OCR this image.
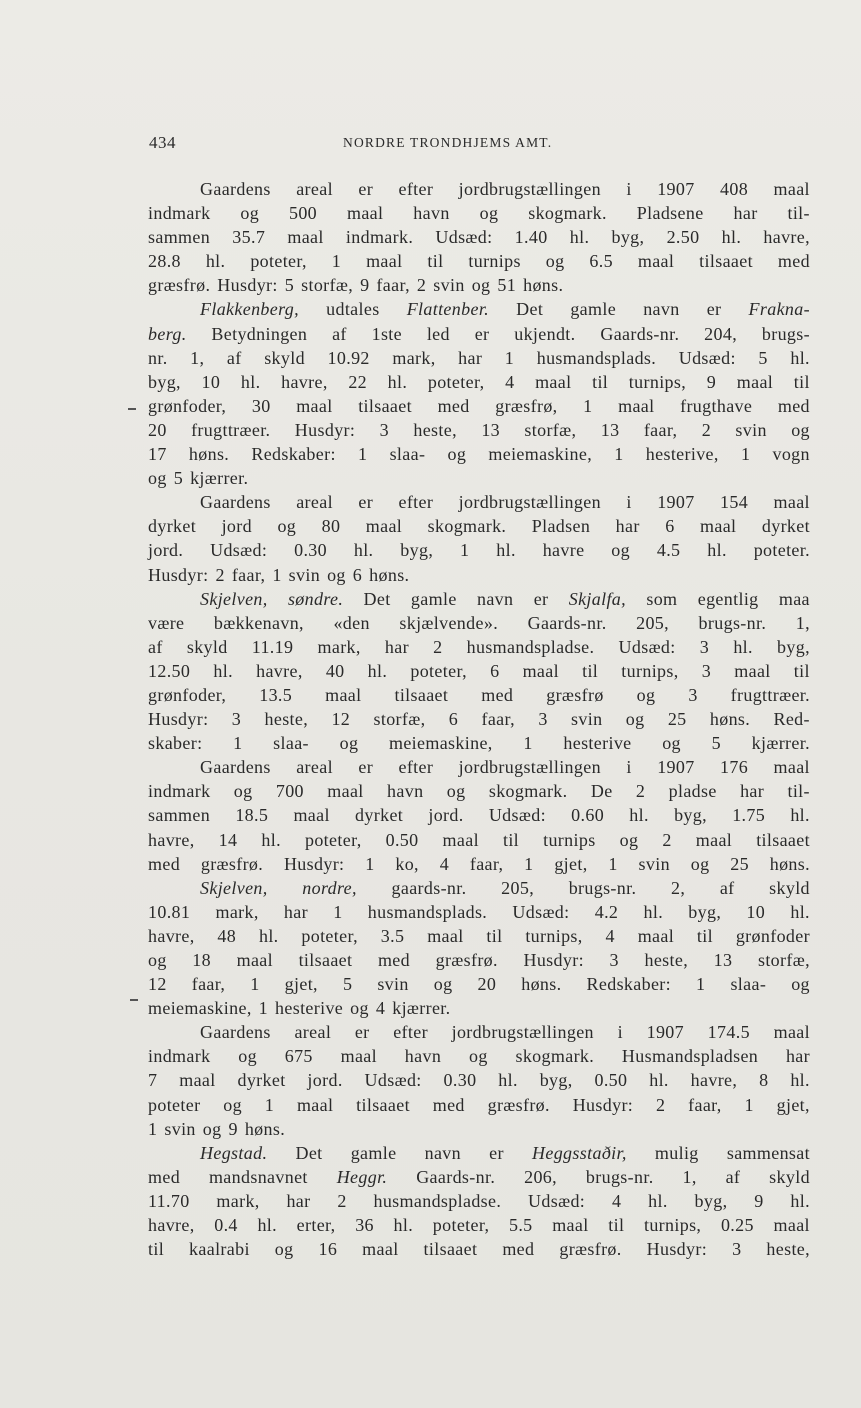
434	NORDRE TRONDHJEMS AMT.
Gaardens areal er efter jordbrugstællingen i 1907 408 maal
indmark og 500 maal havn og skogmark. Pladsene har til-
sammen 35.7 maal indmark. Udsæd: 1.40 hl. byg, 2.50 hl. havre,
28.8 hl. poteter, 1 maal til turnips og 6.5 maal tilsaaet med
græsfrø. Husdyr: 5 storfæ, 9 faar, 2 svin og 51 høns.
Flakkenberg, udtales Flattenber. Det gamle navn er Frakna-
berg. Betydningen af 1ste led er ukjendt. Gaards-nr. 204, brugs-
nr. 1, af skyld 10.92 mark, har 1 husmandsplads. Udsæd: 5 hl.
byg, 10 hl. havre, 22 hl. poteter, 4 maal til turnips, 9 maal til
grønfoder, 30 maal tilsaaet med græsfrø, 1 maal frugthave med
20 frugttræer. Husdyr: 3 heste, 13 storfæ, 13 faar, 2 svin og
17 høns. Redskaber: 1 slaa- og meiemaskine, 1 hesterive, 1 vogn
og 5 kjærrer.
Gaardens areal er efter jordbrugstællingen i 1907 154 maal
dyrket jord og 80 maal skogmark. Pladsen har 6 maal dyrket
jord. Udsæd: 0.30 hl. byg, 1 hl. havre og 4.5 hl. poteter.
Husdyr: 2 faar, 1 svin og 6 høns.
Skjelven, søndre. Det gamle navn er Skjalfa, som egentlig maa
være bækkenavn, «den skjælvende». Gaards-nr. 205, brugs-nr. 1,
af skyld 11.19 mark, har 2 husmandspladse. Udsæd: 3 hl. byg,
12.50 hl. havre, 40 hl. poteter, 6 maal til turnips, 3 maal til
grønfoder, 13.5 maal tilsaaet med græsfrø og 3 frugttræer.
Husdyr: 3 heste, 12 storfæ, 6 faar, 3 svin og 25 høns. Red-
skaber: 1 slaa- og meiemaskine, 1 hesterive og 5 kjærrer.
Gaardens areal er efter jordbrugstællingen i 1907 176 maal
indmark og 700 maal havn og skogmark. De 2 pladse har til-
sammen 18.5 maal dyrket jord. Udsæd: 0.60 hl. byg, 1.75 hl.
havre, 14 hl. poteter, 0.50 maal til turnips og 2 maal tilsaaet
med græsfrø. Husdyr: 1 ko, 4 faar, 1 gjet, 1 svin og 25 høns.
Skjelven, nordre, gaards-nr. 205, brugs-nr. 2, af skyld
10.81 mark, har 1 husmandsplads. Udsæd: 4.2 hl. byg, 10 hl.
havre, 48 hl. poteter, 3.5 maal til turnips, 4 maal til grønfoder
og 18 maal tilsaaet med græsfrø. Husdyr: 3 heste, 13 storfæ,
12 faar, 1 gjet, 5 svin og 20 høns. Redskaber: 1 slaa- og
meiemaskine, 1 hesterive og 4 kjærrer.
Gaardens areal er efter jordbrugstællingen i 1907 174.5 maal
indmark og 675 maal havn og skogmark. Husmandspladsen har
7 maal dyrket jord. Udsæd: 0.30 hl. byg, 0.50 hl. havre, 8 hl.
poteter og 1 maal tilsaaet med græsfrø. Husdyr: 2 faar, 1 gjet,
1 svin og 9 høns.
Hegstad. Det gamle navn er Heggsstaðir, mulig sammensat
med mandsnavnet Heggr. Gaards-nr. 206, brugs-nr. 1, af skyld
11.70 mark, har 2 husmandspladse. Udsæd: 4 hl. byg, 9 hl.
havre, 0.4 hl. erter, 36 hl. poteter, 5.5 maal til turnips, 0.25 maal
til kaalrabi og 16 maal tilsaaet med græsfrø. Husdyr: 3 heste,
